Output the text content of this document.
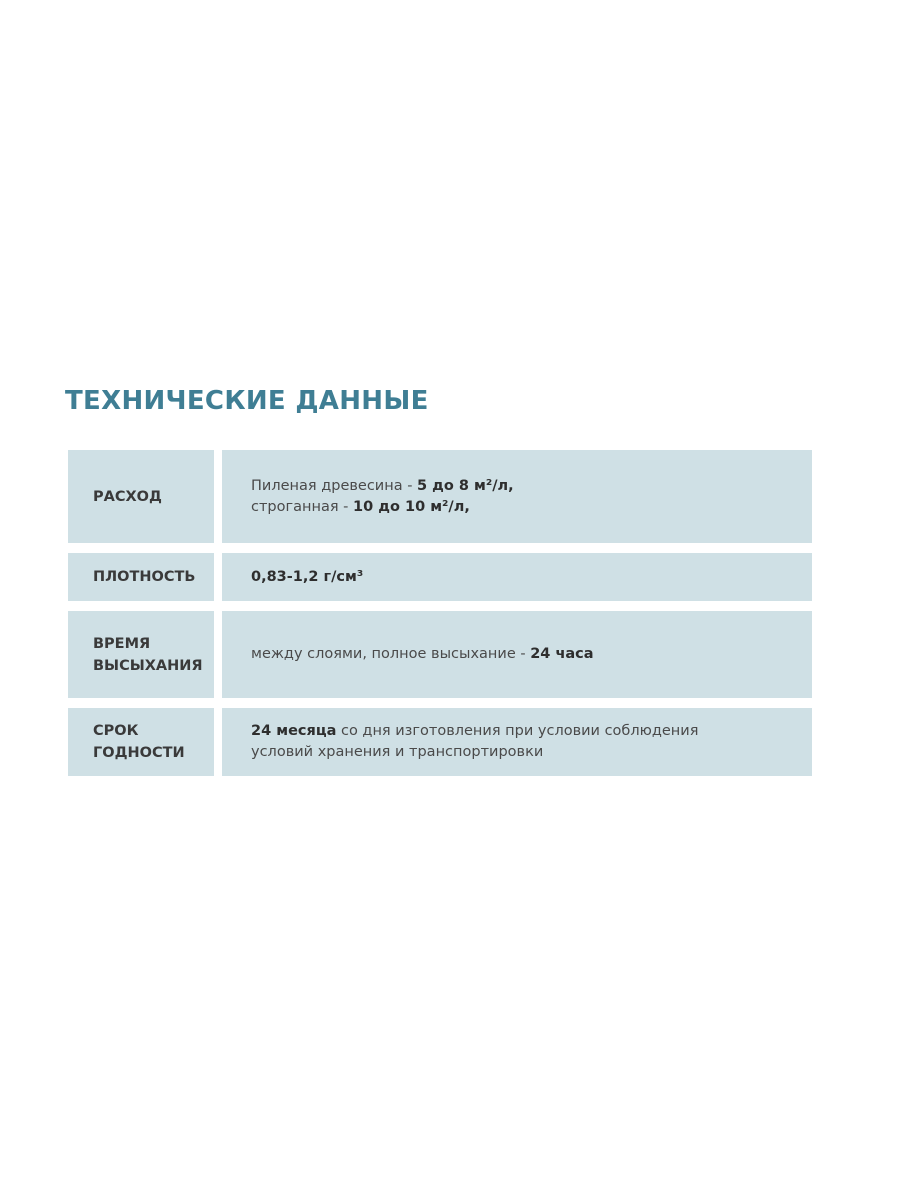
ТЕХНИЧЕСКИЕ ДАННЫЕ
РАСХОД
Пиленая древесина - 5 до 8 м²/л,
строганная - 10 до 10 м²/л,
ПЛОТНОСТЬ	0,83-1,2 г/см³
ВРЕМЯ
ВЫСЫХАНИЯ
между слоями, полное высыхание - 24 часа
СРОК
ГОДНОСТИ
24 месяца со дня изготовления при условии соблюдения
условий хранения и транспортировки
